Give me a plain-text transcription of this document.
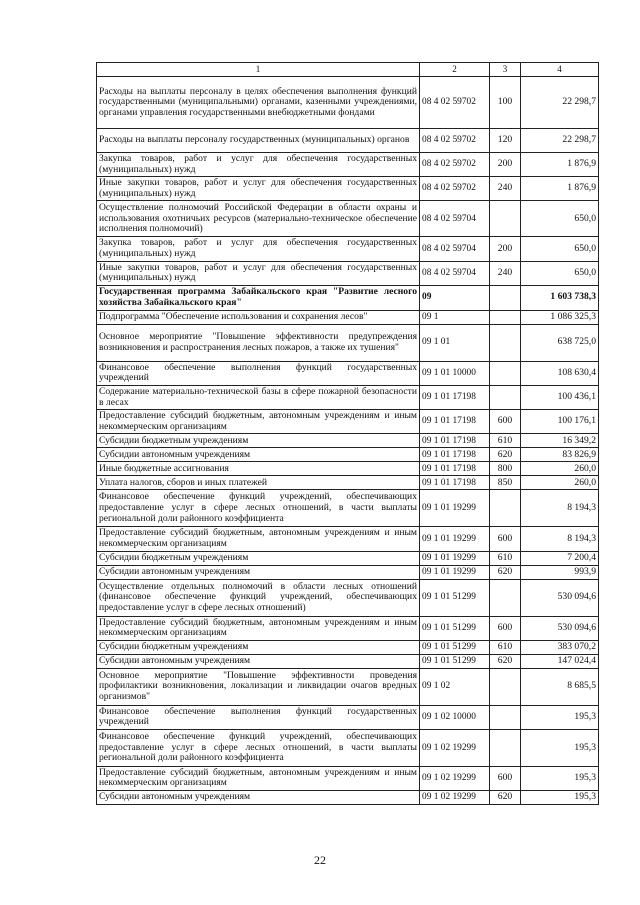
1	2	3	4
Расходы на выплаты персоналу в целях обеспечения выполнения функций государственными (муниципальными) органами, казенными учреждениями, органами управления государственными внебюджетными фондами	08 4 02 59702	100	22 298,7
Расходы на выплаты персоналу государственных (муниципальных) органов	08 4 02 59702	120	22 298,7
Закупка товаров, работ и услуг для обеспечения государственных (муниципальных) нужд	08 4 02 59702	200	1 876,9
Иные закупки товаров, работ и услуг для обеспечения государственных (муниципальных) нужд	08 4 02 59702	240	1 876,9
Осуществление полномочий Российской Федерации в области охраны и использования охотничьих ресурсов (материально-техническое обеспечение исполнения полномочий)	08 4 02 59704		650,0
Закупка товаров, работ и услуг для обеспечения государственных (муниципальных) нужд	08 4 02 59704	200	650,0
Иные закупки товаров, работ и услуг для обеспечения государственных (муниципальных) нужд	08 4 02 59704	240	650,0
Государственная программа Забайкальского края "Развитие лесного хозяйства Забайкальского края"	09		1 603 738,3
Подпрограмма "Обеспечение использования и сохранения лесов"	09 1		1 086 325,3
Основное мероприятие "Повышение эффективности предупреждения возникновения и распространения лесных пожаров, а также их тушения"	09 1 01		638 725,0
Финансовое обеспечение выполнения функций государственных учреждений	09 1 01 10000		108 630,4
Содержание материально-технической базы в сфере пожарной безопасности в лесах	09 1 01 17198		100 436,1
Предоставление субсидий бюджетным, автономным учреждениям и иным некоммерческим организациям	09 1 01 17198	600	100 176,1
Субсидии бюджетным учреждениям	09 1 01 17198	610	16 349,2
Субсидии автономным учреждениям	09 1 01 17198	620	83 826,9
Иные бюджетные ассигнования	09 1 01 17198	800	260,0
Уплата налогов, сборов и иных платежей	09 1 01 17198	850	260,0
Финансовое обеспечение функций учреждений, обеспечивающих предоставление услуг в сфере лесных отношений, в части выплаты региональной доли районного коэффициента	09 1 01 19299		8 194,3
Предоставление субсидий бюджетным, автономным учреждениям и иным некоммерческим организациям	09 1 01 19299	600	8 194,3
Субсидии бюджетным учреждениям	09 1 01 19299	610	7 200,4
Субсидии автономным учреждениям	09 1 01 19299	620	993,9
Осуществление отдельных полномочий в области лесных отношений (финансовое обеспечение функций учреждений, обеспечивающих предоставление услуг в сфере лесных отношений)	09 1 01 51299		530 094,6
Предоставление субсидий бюджетным, автономным учреждениям и иным некоммерческим организациям	09 1 01 51299	600	530 094,6
Субсидии бюджетным учреждениям	09 1 01 51299	610	383 070,2
Субсидии автономным учреждениям	09 1 01 51299	620	147 024,4
Основное мероприятие "Повышение эффективности проведения профилактики возникновения, локализации и ликвидации очагов вредных организмов"	09 1 02		8 685,5
Финансовое обеспечение выполнения функций государственных учреждений	09 1 02 10000		195,3
Финансовое обеспечение функций учреждений, обеспечивающих предоставление услуг в сфере лесных отношений, в части выплаты региональной доли районного коэффициента	09 1 02 19299		195,3
Предоставление субсидий бюджетным, автономным учреждениям и иным некоммерческим организациям	09 1 02 19299	600	195,3
Субсидии автономным учреждениям	09 1 02 19299	620	195,3
22
